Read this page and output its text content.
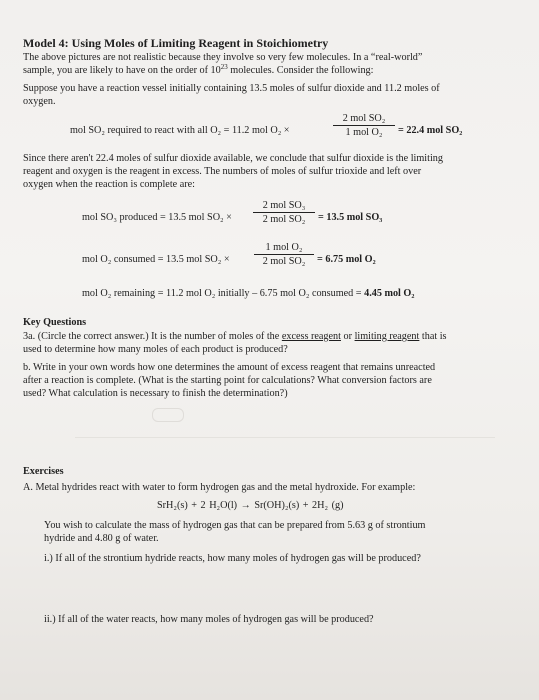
Model 4: Using Moles of Limiting Reagent in Stoichiometry
The above pictures are not realistic because they involve so very few molecules. In a “real-world”
sample, you are likely to have on the order of $10^{23}$ molecules. Consider the following:
Suppose you have a reaction vessel initially containing 13.5 moles of sulfur dioxide and 11.2 moles of
oxygen.
mol SO₂ required to react with all O₂ = 11.2 mol O₂ ×
2 mol SO₂
1 mol O₂	= 22.4 mol SO₂
Since there aren't 22.4 moles of sulfur dioxide available, we conclude that sulfur dioxide is the limiting
reagent and oxygen is the reagent in excess. The numbers of moles of sulfur trioxide and left over
oxygen when the reaction is complete are:
mol SO₃ produced = 13.5 mol SO₂ ×
2 mol SO₃
2 mol SO₂	= 13.5 mol SO₃
mol O₂ consumed = 13.5 mol SO₂ ×
1 mol O₂
2 mol SO₂	= 6.75 mol O₂
mol O₂ remaining = 11.2 mol O₂ initially – 6.75 mol O₂ consumed = 4.45 mol O₂
Key Questions
3a. (Circle the correct answer.) It is the number of moles of the excess reagent or limiting reagent that is
used to determine how many moles of each product is produced?
b. Write in your own words how one determines the amount of excess reagent that remains unreacted
after a reaction is complete. (What is the starting point for calculations? What conversion factors are
used? What calculation is necessary to finish the determination?)
Exercises
A. Metal hydrides react with water to form hydrogen gas and the metal hydroxide. For example:
SrH₂(s) + 2 H₂O(l) → Sr(OH)₂(s) + 2H₂ (g)
You wish to calculate the mass of hydrogen gas that can be prepared from 5.63 g of strontium
hydride and 4.80 g of water.
i.) If all of the strontium hydride reacts, how many moles of hydrogen gas will be produced?
ii.) If all of the water reacts, how many moles of hydrogen gas will be produced?
